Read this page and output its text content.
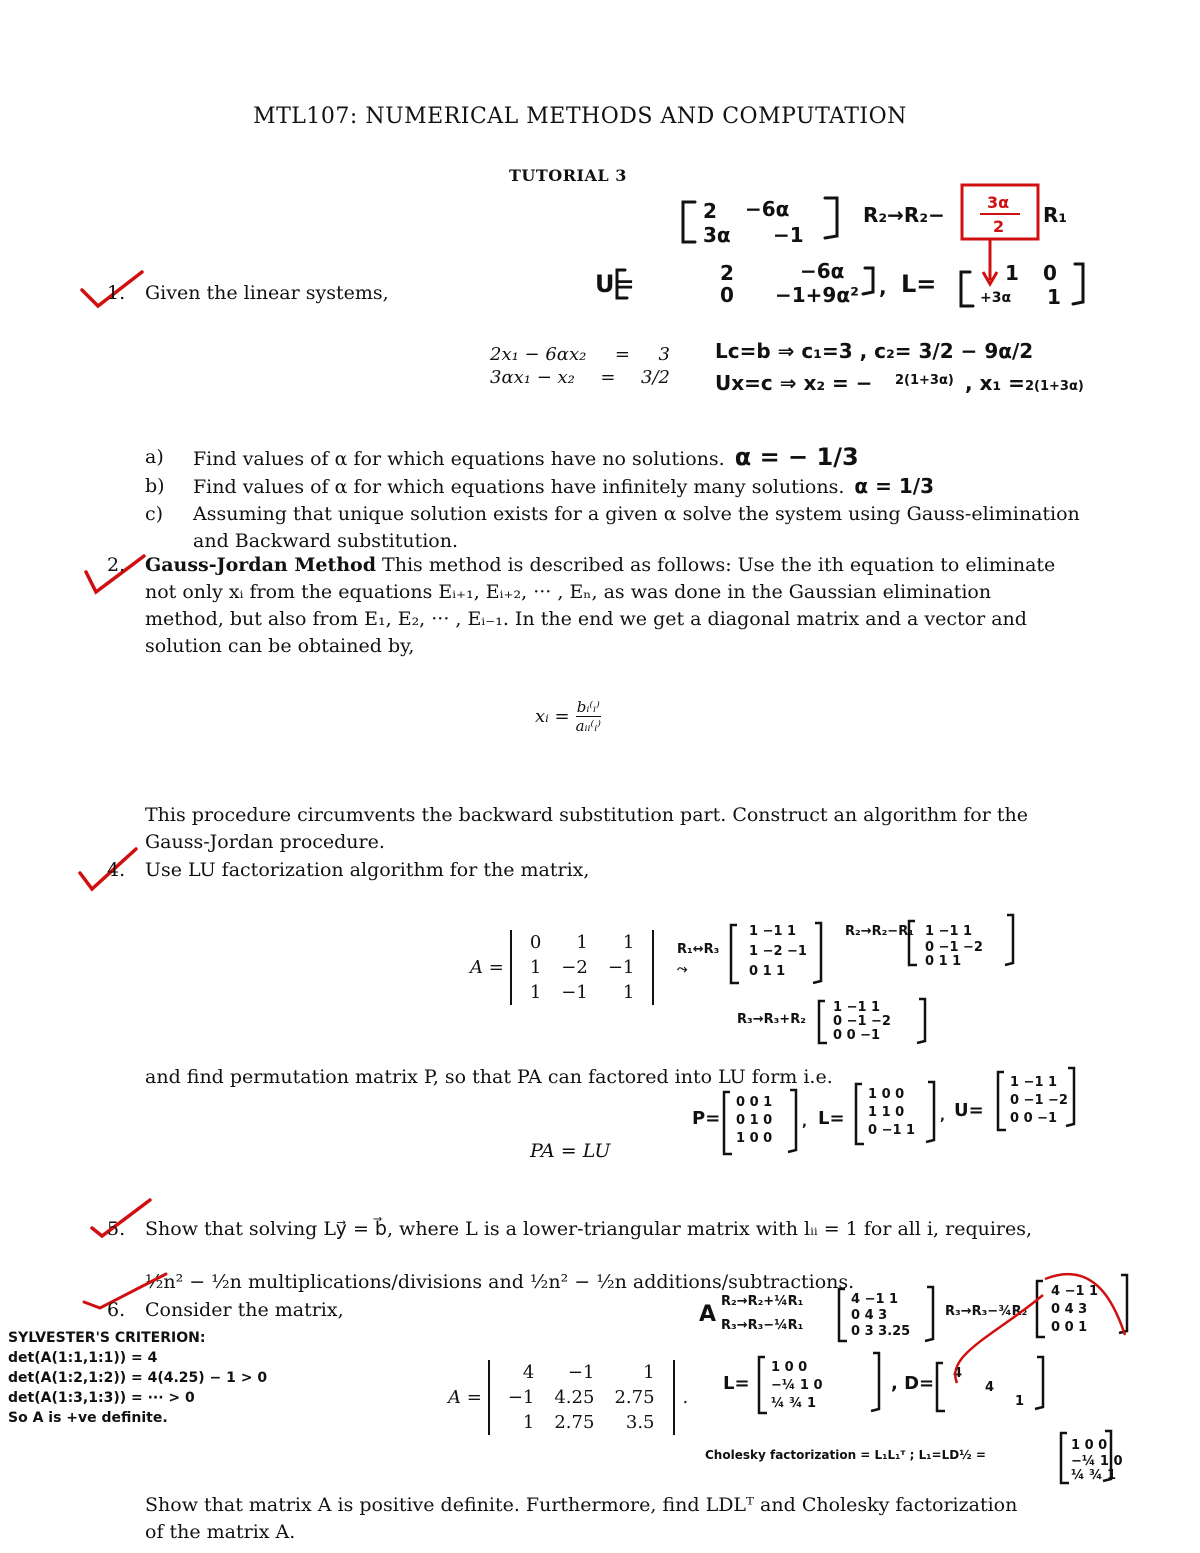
MTL107: NUMERICAL METHODS AND COMPUTATION
TUTORIAL 3
2 −6α
3α −1
R₂→R₂−	R₁
U=	2	−6α
0 −1+9α² , L=	1 0
+3α 1
Lc=b ⇒ c₁=3 , c₂= 3/2 − 9α/2
Ux=c ⇒ x₂ = − 2(1+3α) , x₁ = 2(1+3α)
3α
2
1. Given the linear systems,
2x₁ − 6αx₂ = 3
3αx₁ − x₂ = 3/2
a) Find values of α for which equations have no solutions. α = − 1/3
b) Find values of α for which equations have infinitely many solutions. α = 1/3
c) Assuming that unique solution exists for a given α solve the system using Gauss-elimination
and Backward substitution.
2. Gauss-Jordan Method This method is described as follows: Use the ith equation to eliminate
not only xᵢ from the equations Eᵢ₊₁, Eᵢ₊₂, ··· , Eₙ, as was done in the Gaussian elimination
method, but also from E₁, E₂, ··· , Eᵢ₋₁. In the end we get a diagonal matrix and a vector and
solution can be obtained by,
xᵢ = bᵢ⁽ᵢ⁾
aᵢᵢ⁽ᵢ⁾
This procedure circumvents the backward substitution part. Construct an algorithm for the
Gauss-Jordan procedure.
4. Use LU factorization algorithm for the matrix,
A =
0	1	1
1	−2	−1
1	−1	1
R₁↔R₃
⤳
1 −1 1
1 −2 −1
0 1 1
R₂→R₂−R₁ 1 −1 1
0 −1 −2
0 1 1
R₃→R₃+R₂
1 −1 1
0 −1 −2
0 0 −1
and find permutation matrix P, so that PA can factored into LU form i.e.
P=
0 0 1
0 1 0
1 0 0
, L=
1 0 0
1 1 0
0 −1 1
, U=
1 −1 1
0 −1 −2
0 0 −1
PA = LU
5. Show that solving Ly⃗ = b⃗, where L is a lower-triangular matrix with lᵢᵢ = 1 for all i, requires,
½n² − ½n multiplications/divisions and ½n² − ½n additions/subtractions.
6. Consider the matrix,
SYLVESTER'S CRITERION:
det(A(1:1,1:1)) = 4
det(A(1:2,1:2)) = 4(4.25) − 1 > 0
det(A(1:3,1:3)) = ··· > 0
So A is +ve definite.
A =
4	−1	1
−1	4.25	2.75
1	2.75	3.5
.
A
R₂→R₂+¼R₁
R₃→R₃−¼R₁
4 −1 1
0 4 3
0 3 3.25
R₃→R₃−¾R₂
4 −1 1
0 4 3
0 0 1
L=
1 0 0
−¼ 1 0
¼ ¾ 1
, D= 4
4
1
Cholesky factorization = L₁L₁ᵀ ; L₁=LD½ =
1 0 0
−¼ 1 0
¼ ¾ 1
Show that matrix A is positive definite. Furthermore, find LDLᵀ and Cholesky factorization
of the matrix A.
